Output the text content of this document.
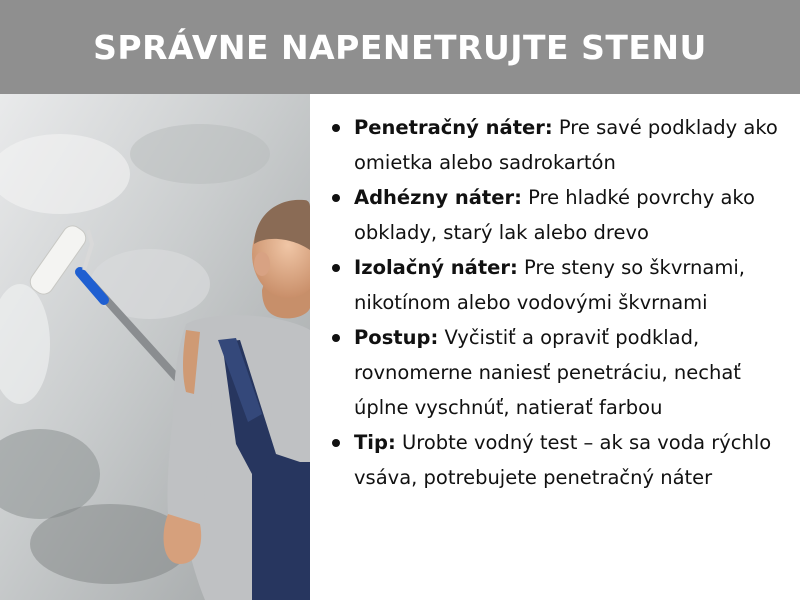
SPRÁVNE NAPENETRUJTE STENU
Penetračný náter: Pre savé podklady ako omietka alebo sadrokartón
Adhézny náter: Pre hladké povrchy ako obklady, starý lak alebo drevo
Izolačný náter: Pre steny so škvrnami, nikotínom alebo vodovými škvrnami
Postup: Vyčistiť a opraviť podklad, rovnomerne naniesť penetráciu, nechať úplne vyschnúť, natierať farbou
Tip: Urobte vodný test – ak sa voda rýchlo vsáva, potrebujete penetračný náter
